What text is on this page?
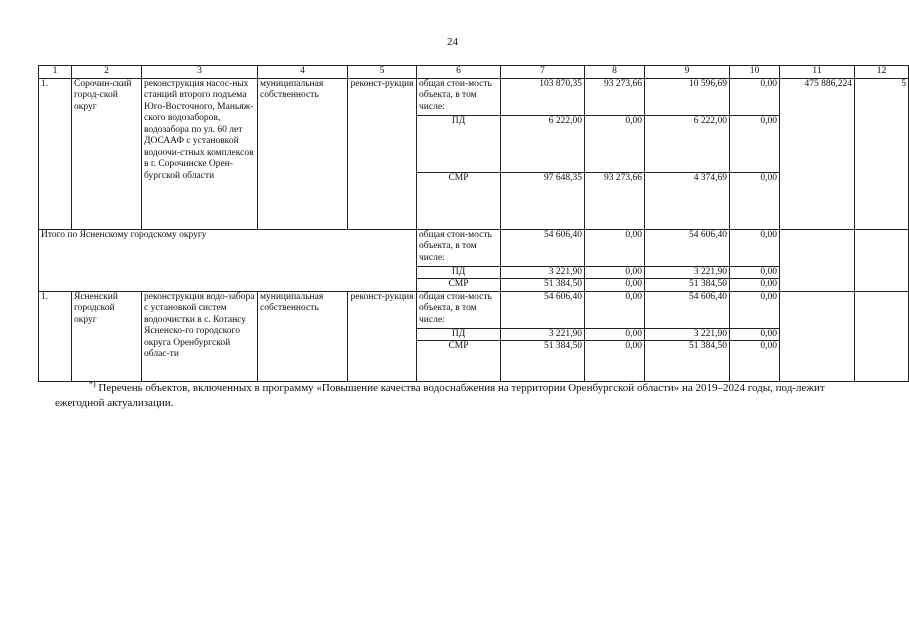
24
1	2	3	4	5	6	7	8	9	10	11	12
1.	Сорочин-ский город-ской округ	реконструкция насос-ных станций второго подъема Юго-Восточного, Маньяж-ского водозаборов, водозабора по ул. 60 лет ДОСААФ с установкой водоочи-стных комплексов в г. Сорочинске Орен-бургской области	муниципальная собственность	реконст-рукция	общая стои-мость объекта, в том числе:	103 870,35	93 273,66	10 596,69	0,00	475 886,224	5
					ПД	6 222,00	0,00	6 222,00	0,00		
					СМР	97 648,35	93 273,66	4 374,69	0,00		
Итого по Ясненскому городскому округу					общая стои-мость объекта, в том числе:	54 606,40	0,00	54 606,40	0,00		
					ПД	3 221,90	0,00	3 221,90	0,00		
					СМР	51 384,50	0,00	51 384,50	0,00		
1.	Ясненский городской округ	реконструкция водо-забора с установкой систем водоочистки в с. Котансу Ясненско-го городского округа Оренбургской облас-ти	муниципальная собственность	реконст-рукция	общая стои-мость объекта, в том числе:	54 606,40	0,00	54 606,40	0,00		
					ПД	3 221,90	0,00	3 221,90	0,00		
					СМР	51 384,50	0,00	51 384,50	0,00		
*) Перечень объектов, включенных в программу «Повышение качества водоснабжения на территории Оренбургской области» на 2019–2024 годы, под-лежит ежегодной актуализации.
